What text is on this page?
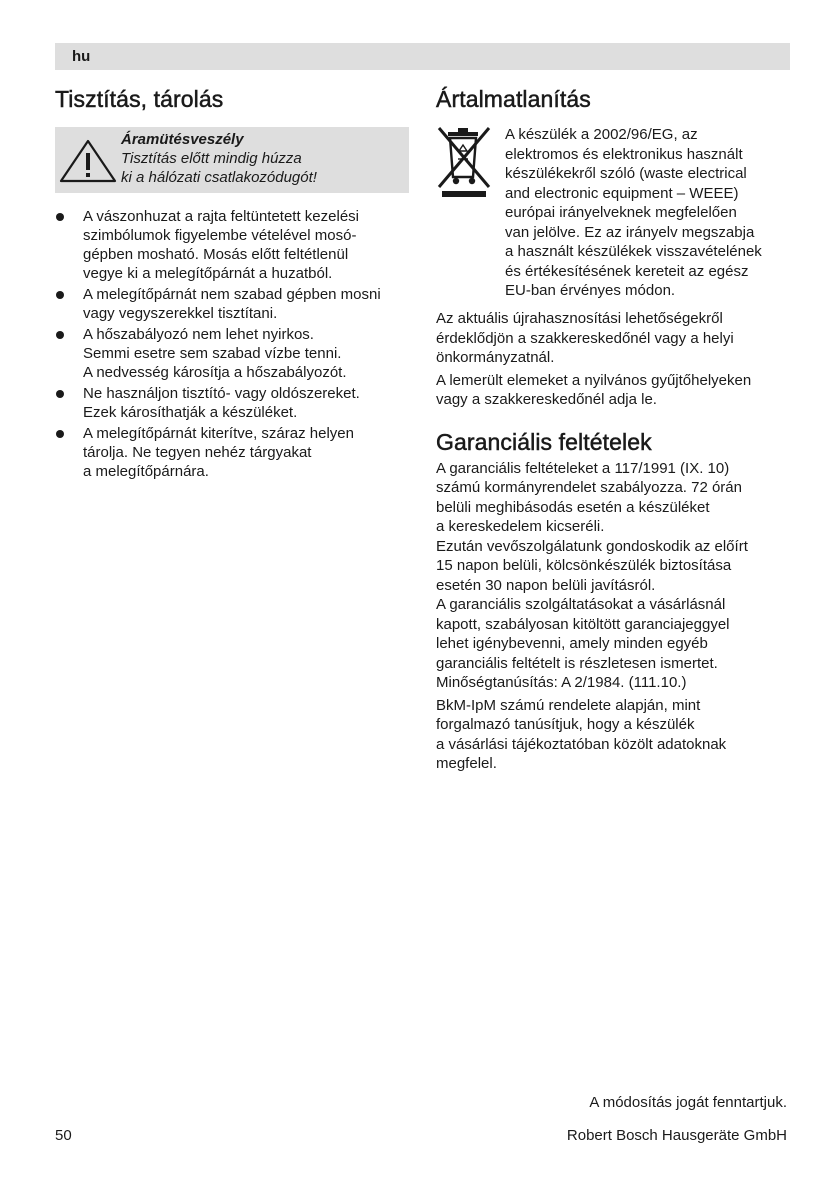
hu
Tisztítás, tárolás
Áramütésveszély
Tisztítás előtt mindig húzza
ki a hálózati csatlakozódugót!
A vászonhuzat a rajta feltüntetett kezelési
szimbólumok figyelembe vételével mosó-
gépben mosható. Mosás előtt feltétlenül
vegye ki a melegítőpárnát a huzatból.
A melegítőpárnát nem szabad gépben mosni
vagy vegyszerekkel tisztítani.
A hőszabályozó nem lehet nyirkos.
Semmi esetre sem szabad vízbe tenni.
A nedvesség károsítja a hőszabályozót.
Ne használjon tisztító- vagy oldószereket.
Ezek károsíthatják a készüléket.
A melegítőpárnát kiterítve, száraz helyen
tárolja. Ne tegyen nehéz tárgyakat
a melegítőpárnára.
Ártalmatlanítás

A készülék a 2002/96/EG, az
elektromos és elektronikus használt
készülékekről szóló (waste electrical
and electronic equipment – WEEE)
európai irányelveknek megfelelően
van jelölve. Ez az irányelv megszabja
a használt készülékek visszavételének
és értékesítésének kereteit az egész
EU-ban érvényes módon.

Az aktuális újrahasznosítási lehetőségekről
érdeklődjön a szakkereskedőnél vagy a helyi
önkormányzatnál.

A lemerült elemeket a nyilvános gyűjtőhelyeken
vagy a szakkereskedőnél adja le.

Garanciális feltételek

A garanciális feltételeket a 117/1991 (IX. 10)
számú kormányrendelet szabályozza. 72 órán
belüli meghibásodás esetén a készüléket
a kereskedelem kicseréli.
Ezután vevőszolgálatunk gondoskodik az előírt
15 napon belüli, kölcsönkészülék biztosítása
esetén 30 napon belüli javításról.
A garanciális szolgáltatásokat a vásárlásnál
kapott, szabályosan kitöltött garanciajeggyel
lehet igénybevenni, amely minden egyéb
garanciális feltételt is részletesen ismertet.
Minőségtanúsítás: A 2/1984. (111.10.)

BkM-IpM számú rendelete alapján, mint
forgalmazó tanúsítjuk, hogy a készülék
a vásárlási tájékoztatóban közölt adatoknak
megfelel.

A módosítás jogát fenntartjuk.
50	Robert Bosch Hausgeräte GmbH
